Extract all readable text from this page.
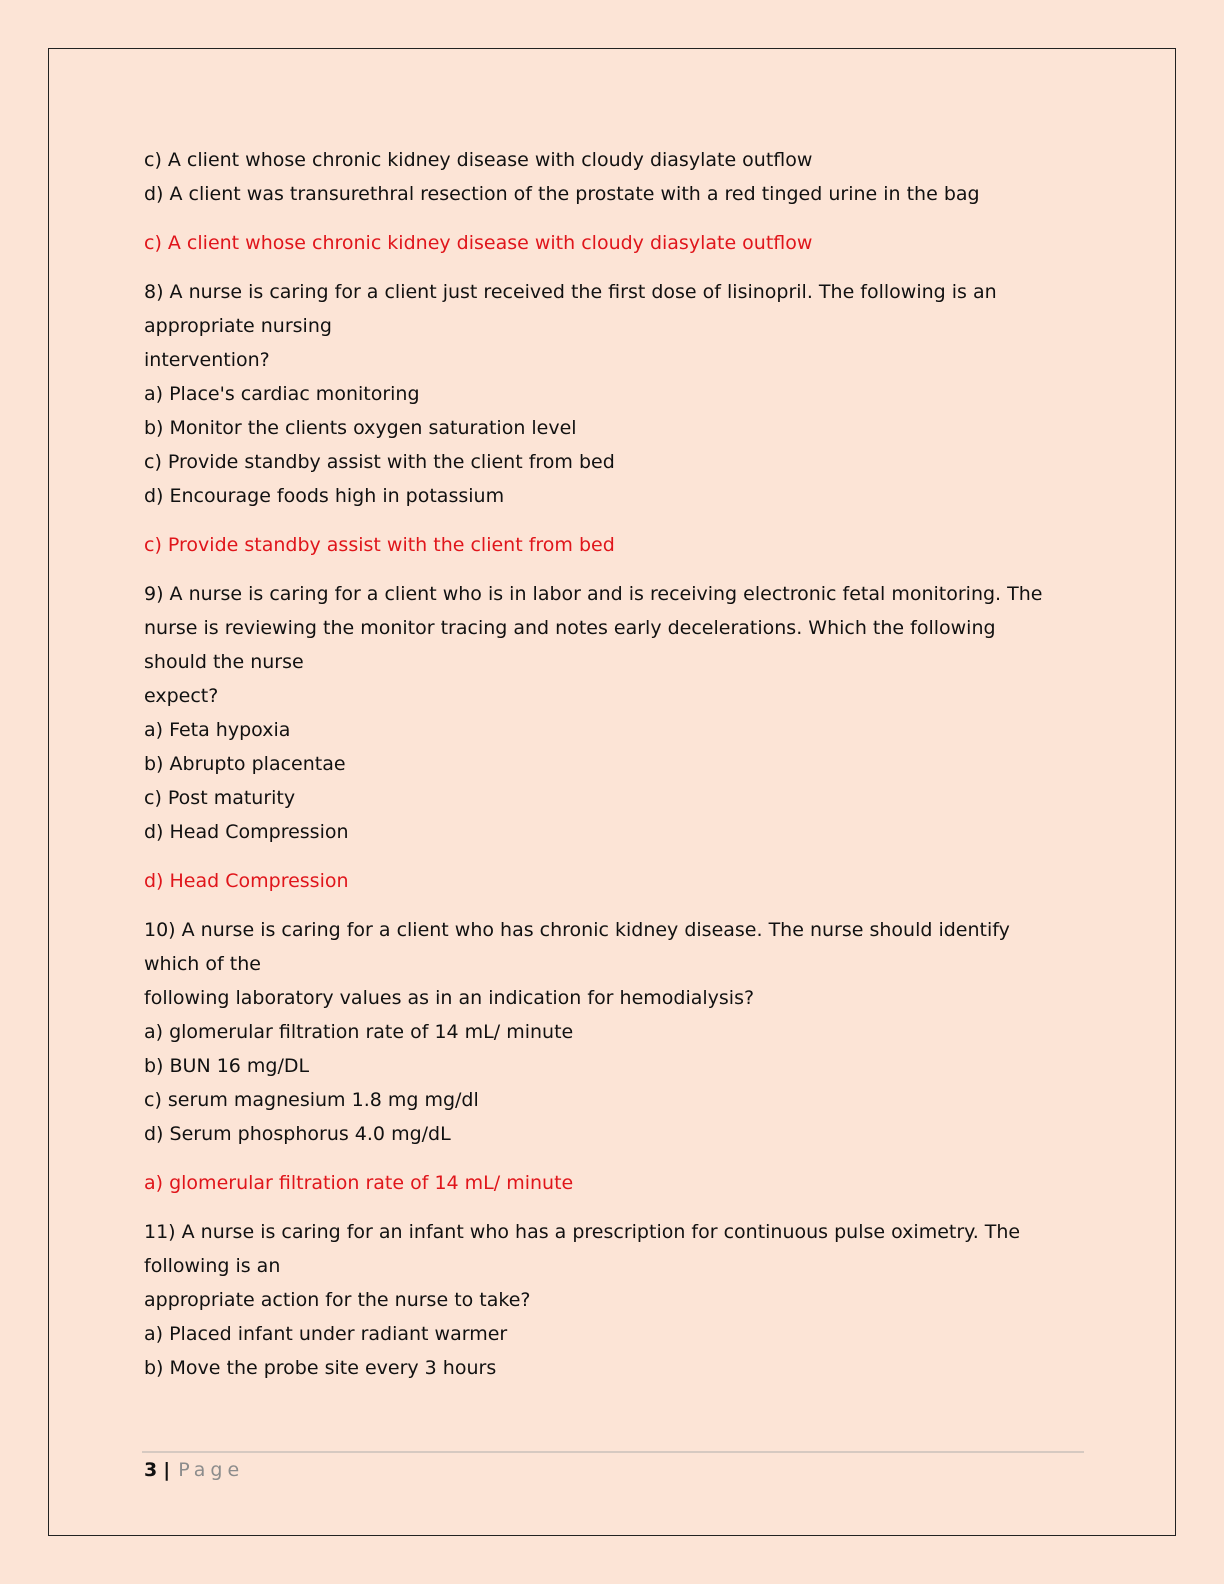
c) A client whose chronic kidney disease with cloudy diasylate outflow
d) A client was transurethral resection of the prostate with a red tinged urine in the bag
c) A client whose chronic kidney disease with cloudy diasylate outflow
8) A nurse is caring for a client just received the first dose of lisinopril. The following is an
appropriate nursing
intervention?
a) Place's cardiac monitoring
b) Monitor the clients oxygen saturation level
c) Provide standby assist with the client from bed
d) Encourage foods high in potassium
c) Provide standby assist with the client from bed
9) A nurse is caring for a client who is in labor and is receiving electronic fetal monitoring. The
nurse is reviewing the monitor tracing and notes early decelerations. Which the following
should the nurse
expect?
a) Feta hypoxia
b) Abrupto placentae
c) Post maturity
d) Head Compression
d) Head Compression
10) A nurse is caring for a client who has chronic kidney disease. The nurse should identify
which of the
following laboratory values as in an indication for hemodialysis?
a) glomerular filtration rate of 14 mL/ minute
b) BUN 16 mg/DL
c) serum magnesium 1.8 mg mg/dl
d) Serum phosphorus 4.0 mg/dL
a) glomerular filtration rate of 14 mL/ minute
11) A nurse is caring for an infant who has a prescription for continuous pulse oximetry. The
following is an
appropriate action for the nurse to take?
a) Placed infant under radiant warmer
b) Move the probe site every 3 hours
3 | Page
